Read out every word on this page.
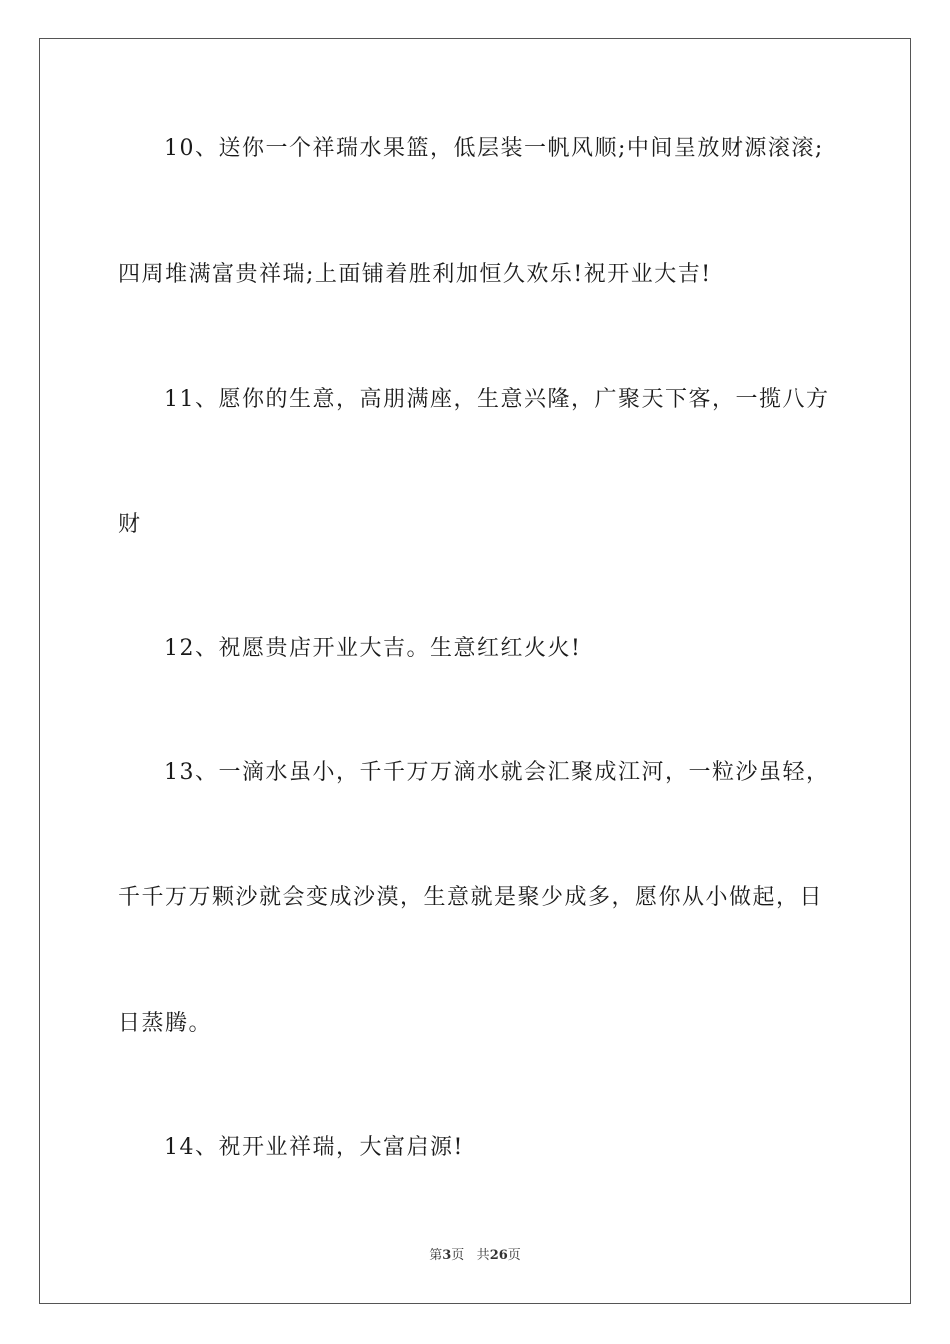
10、送你一个祥瑞水果篮，低层装一帆风顺;中间呈放财源滚滚;
四周堆满富贵祥瑞;上面铺着胜利加恒久欢乐!祝开业大吉!
11、愿你的生意，高朋满座，生意兴隆，广聚天下客，一揽八方
财
12、祝愿贵店开业大吉。生意红红火火!
13、一滴水虽小，千千万万滴水就会汇聚成江河，一粒沙虽轻，
千千万万颗沙就会变成沙漠，生意就是聚少成多，愿你从小做起，日
日蒸腾。
14、祝开业祥瑞，大富启源!
第3页 共26页
